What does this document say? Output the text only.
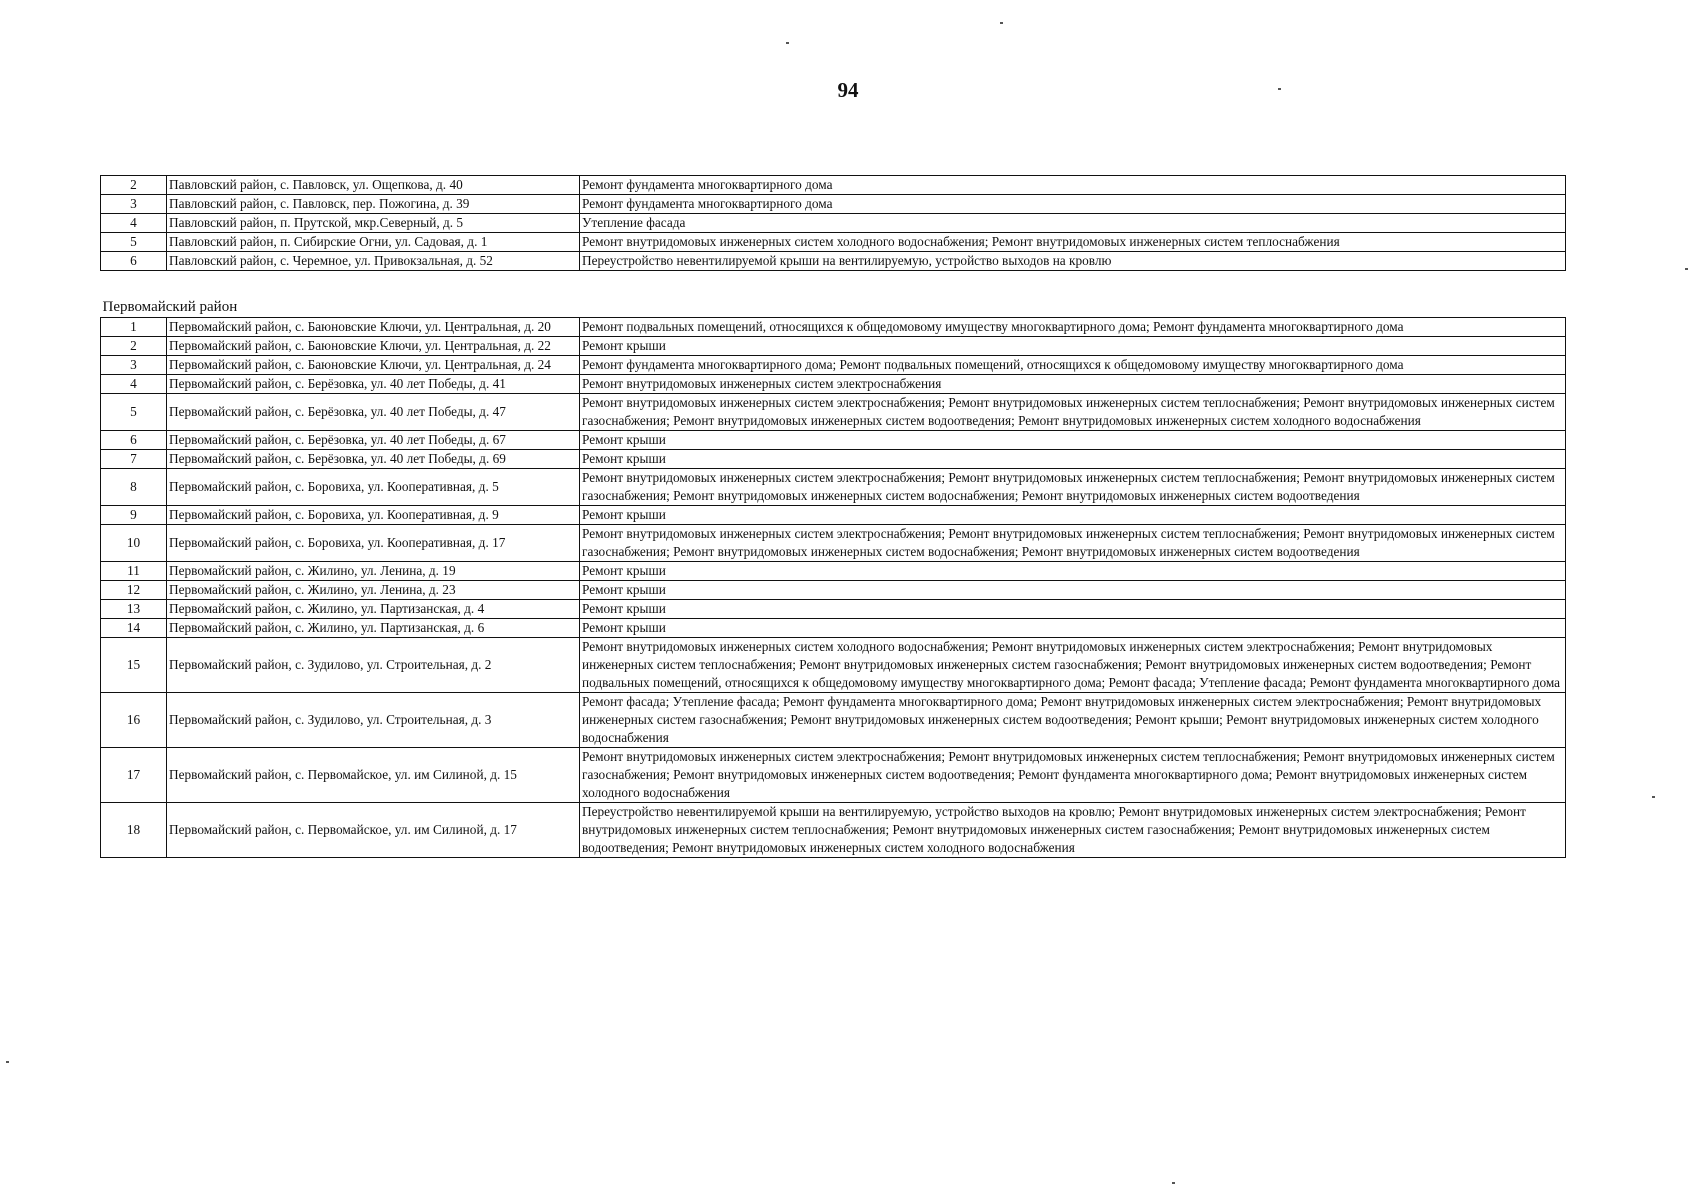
94
2	Павловский район, с. Павловск, ул. Ощепкова, д. 40	Ремонт фундамента многоквартирного дома
3	Павловский район, с. Павловск, пер. Пожогина, д. 39	Ремонт фундамента многоквартирного дома
4	Павловский район, п. Прутской, мкр.Северный, д. 5	Утепление фасада
5	Павловский район, п. Сибирские Огни, ул. Садовая, д. 1	Ремонт внутридомовых инженерных систем холодного водоснабжения; Ремонт внутридомовых инженерных систем теплоснабжения
6	Павловский район, с. Черемное, ул. Привокзальная, д. 52	Переустройство невентилируемой крыши на вентилируемую, устройство выходов на кровлю
Первомайский район		
1	Первомайский район, с. Баюновские Ключи, ул. Центральная, д. 20	Ремонт подвальных помещений, относящихся к общедомовому имуществу многоквартирного дома; Ремонт фундамента многоквартирного дома
2	Первомайский район, с. Баюновские Ключи, ул. Центральная, д. 22	Ремонт крыши
3	Первомайский район, с. Баюновские Ключи, ул. Центральная, д. 24	Ремонт фундамента многоквартирного дома; Ремонт подвальных помещений, относящихся к общедомовому имуществу многоквартирного дома
4	Первомайский район, с. Берёзовка, ул. 40 лет Победы, д. 41	Ремонт внутридомовых инженерных систем электроснабжения
5	Первомайский район, с. Берёзовка, ул. 40 лет Победы, д. 47	Ремонт внутридомовых инженерных систем электроснабжения; Ремонт внутридомовых инженерных систем теплоснабжения; Ремонт внутридомовых инженерных систем газоснабжения; Ремонт внутридомовых инженерных систем водоотведения; Ремонт внутридомовых инженерных систем холодного водоснабжения
6	Первомайский район, с. Берёзовка, ул. 40 лет Победы, д. 67	Ремонт крыши
7	Первомайский район, с. Берёзовка, ул. 40 лет Победы, д. 69	Ремонт крыши
8	Первомайский район, с. Боровиха, ул. Кооперативная, д. 5	Ремонт внутридомовых инженерных систем электроснабжения; Ремонт внутридомовых инженерных систем теплоснабжения; Ремонт внутридомовых инженерных систем газоснабжения; Ремонт внутридомовых инженерных систем водоснабжения; Ремонт внутридомовых инженерных систем водоотведения
9	Первомайский район, с. Боровиха, ул. Кооперативная, д. 9	Ремонт крыши
10	Первомайский район, с. Боровиха, ул. Кооперативная, д. 17	Ремонт внутридомовых инженерных систем электроснабжения; Ремонт внутридомовых инженерных систем теплоснабжения; Ремонт внутридомовых инженерных систем газоснабжения; Ремонт внутридомовых инженерных систем водоснабжения; Ремонт внутридомовых инженерных систем водоотведения
11	Первомайский район, с. Жилино, ул. Ленина, д. 19	Ремонт крыши
12	Первомайский район, с. Жилино, ул. Ленина, д. 23	Ремонт крыши
13	Первомайский район, с. Жилино, ул. Партизанская, д. 4	Ремонт крыши
14	Первомайский район, с. Жилино, ул. Партизанская, д. 6	Ремонт крыши
15	Первомайский район, с. Зудилово, ул. Строительная, д. 2	Ремонт внутридомовых инженерных систем холодного водоснабжения; Ремонт внутридомовых инженерных систем электроснабжения; Ремонт внутридомовых инженерных систем теплоснабжения; Ремонт внутридомовых инженерных систем газоснабжения; Ремонт внутридомовых инженерных систем водоотведения; Ремонт подвальных помещений, относящихся к общедомовому имуществу многоквартирного дома; Ремонт фасада; Утепление фасада; Ремонт фундамента многоквартирного дома
16	Первомайский район, с. Зудилово, ул. Строительная, д. 3	Ремонт фасада; Утепление фасада; Ремонт фундамента многоквартирного дома; Ремонт внутридомовых инженерных систем электроснабжения; Ремонт внутридомовых инженерных систем газоснабжения; Ремонт внутридомовых инженерных систем водоотведения; Ремонт крыши; Ремонт внутридомовых инженерных систем холодного водоснабжения
17	Первомайский район, с. Первомайское, ул. им Силиной, д. 15	Ремонт внутридомовых инженерных систем электроснабжения; Ремонт внутридомовых инженерных систем теплоснабжения; Ремонт внутридомовых инженерных систем газоснабжения; Ремонт внутридомовых инженерных систем водоотведения; Ремонт фундамента многоквартирного дома; Ремонт внутридомовых инженерных систем холодного водоснабжения
18	Первомайский район, с. Первомайское, ул. им Силиной, д. 17	Переустройство невентилируемой крыши на вентилируемую, устройство выходов на кровлю; Ремонт внутридомовых инженерных систем электроснабжения; Ремонт внутридомовых инженерных систем теплоснабжения; Ремонт внутридомовых инженерных систем газоснабжения; Ремонт внутридомовых инженерных систем водоотведения; Ремонт внутридомовых инженерных систем холодного водоснабжения
